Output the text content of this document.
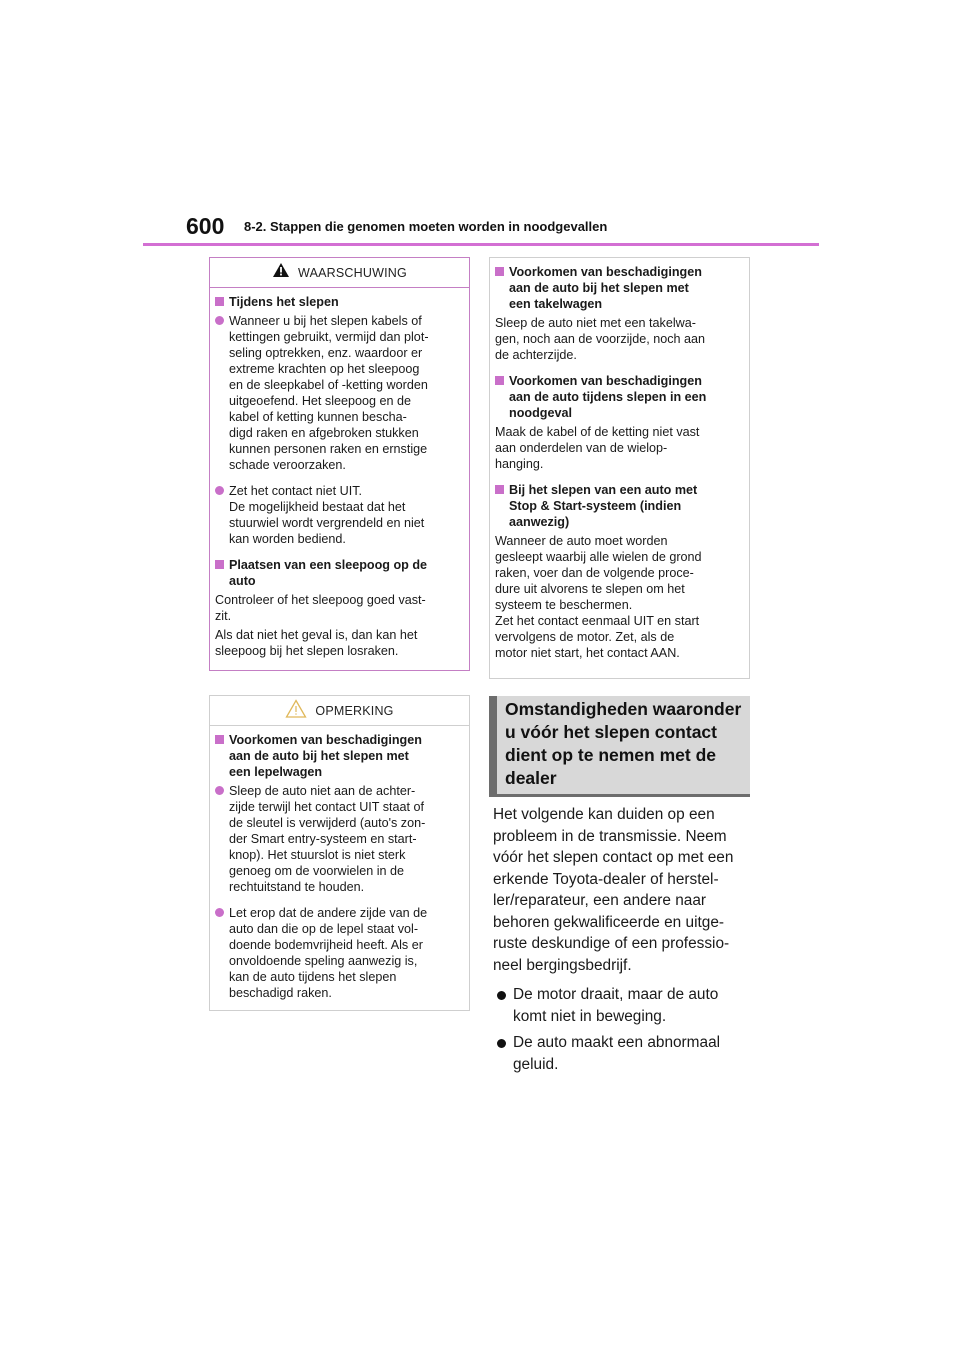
600 8-2. Stappen die genomen moeten worden in noodgevallen
WAARSCHUWING
Tijdens het slepen
Wanneer u bij het slepen kabels of
kettingen gebruikt, vermijd dan plot-
seling optrekken, enz. waardoor er
extreme krachten op het sleepoog
en de sleepkabel of -ketting worden
uitgeoefend. Het sleepoog en de
kabel of ketting kunnen bescha-
digd raken en afgebroken stukken
kunnen personen raken en ernstige
schade veroorzaken.
Zet het contact niet UIT.
De mogelijkheid bestaat dat het
stuurwiel wordt vergrendeld en niet
kan worden bediend.
Plaatsen van een sleepoog op de
auto
Controleer of het sleepoog goed vast-
zit.
Als dat niet het geval is, dan kan het
sleepoog bij het slepen losraken.
OPMERKING
Voorkomen van beschadigingen
aan de auto bij het slepen met
een lepelwagen
Sleep de auto niet aan de achter-
zijde terwijl het contact UIT staat of
de sleutel is verwijderd (auto's zon-
der Smart entry-systeem en start-
knop). Het stuurslot is niet sterk
genoeg om de voorwielen in de
rechtuitstand te houden.
Let erop dat de andere zijde van de
auto dan die op de lepel staat vol-
doende bodemvrijheid heeft. Als er
onvoldoende speling aanwezig is,
kan de auto tijdens het slepen
beschadigd raken.
Voorkomen van beschadigingen
aan de auto bij het slepen met
een takelwagen
Sleep de auto niet met een takelwa-
gen, noch aan de voorzijde, noch aan
de achterzijde.
Voorkomen van beschadigingen
aan de auto tijdens slepen in een
noodgeval
Maak de kabel of de ketting niet vast
aan onderdelen van de wielop-
hanging.
Bij het slepen van een auto met
Stop & Start-systeem (indien
aanwezig)
Wanneer de auto moet worden
gesleept waarbij alle wielen de grond
raken, voer dan de volgende proce-
dure uit alvorens te slepen om het
systeem te beschermen.
Zet het contact eenmaal UIT en start
vervolgens de motor. Zet, als de
motor niet start, het contact AAN.
Omstandigheden waaronder
u vóór het slepen contact
dient op te nemen met de
dealer
Het volgende kan duiden op een
probleem in de transmissie. Neem
vóór het slepen contact op met een
erkende Toyota-dealer of herstel-
ler/reparateur, een andere naar
behoren gekwalificeerde en uitge-
ruste deskundige of een professio-
neel bergingsbedrijf.
De motor draait, maar de auto
komt niet in beweging.
De auto maakt een abnormaal
geluid.
